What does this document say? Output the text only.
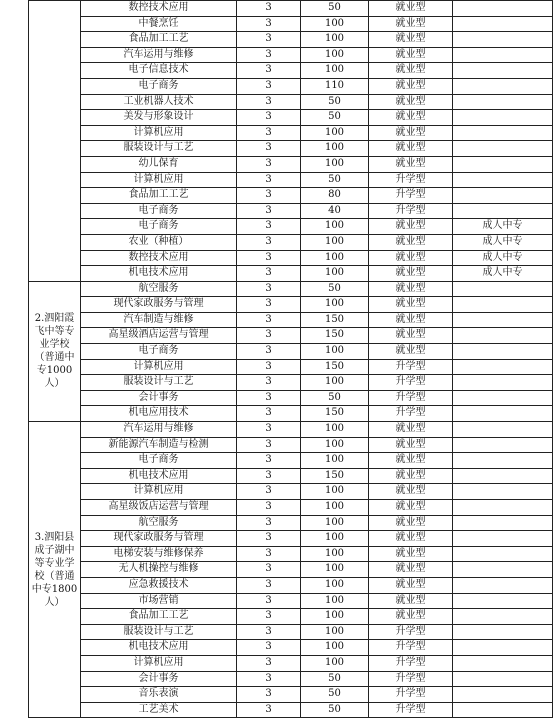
	数控技术应用	3	50	就业型	
	中餐烹饪	3	100	就业型	
	食品加工工艺	3	100	就业型	
	汽车运用与维修	3	100	就业型	
	电子信息技术	3	100	就业型	
	电子商务	3	110	就业型	
	工业机器人技术	3	50	就业型	
	美发与形象设计	3	50	就业型	
	计算机应用	3	100	就业型	
	服装设计与工艺	3	100	就业型	
	幼儿保育	3	100	就业型	
	计算机应用	3	50	升学型	
	食品加工工艺	3	80	升学型	
	电子商务	3	40	升学型	
	电子商务	3	100	就业型	成人中专
	农业（种植）	3	100	就业型	成人中专
	数控技术应用	3	100	就业型	成人中专
	机电技术应用	3	100	就业型	成人中专
2.泗阳霞飞中等专业学校（普通中专1000人）	航空服务	3	50	就业型	
	现代家政服务与管理	3	100	就业型	
	汽车制造与维修	3	150	就业型	
	高星级酒店运营与管理	3	150	就业型	
	电子商务	3	100	就业型	
	计算机应用	3	150	升学型	
	服装设计与工艺	3	100	升学型	
	会计事务	3	50	升学型	
	机电应用技术	3	150	升学型	
3.泗阳县成子湖中等专业学校（普通中专1800人）	汽车运用与维修	3	100	就业型	
	新能源汽车制造与检测	3	100	就业型	
	电子商务	3	100	就业型	
	机电技术应用	3	150	就业型	
	计算机应用	3	100	就业型	
	高星级饭店运营与管理	3	100	就业型	
	航空服务	3	100	就业型	
	现代家政服务与管理	3	100	就业型	
	电梯安装与维修保养	3	100	就业型	
	无人机操控与维修	3	100	就业型	
	应急救援技术	3	100	就业型	
	市场营销	3	100	就业型	
	食品加工工艺	3	100	就业型	
	服装设计与工艺	3	100	升学型	
	机电技术应用	3	100	升学型	
	计算机应用	3	100	升学型	
	会计事务	3	50	升学型	
	音乐表演	3	50	升学型	
	工艺美术	3	50	升学型	
